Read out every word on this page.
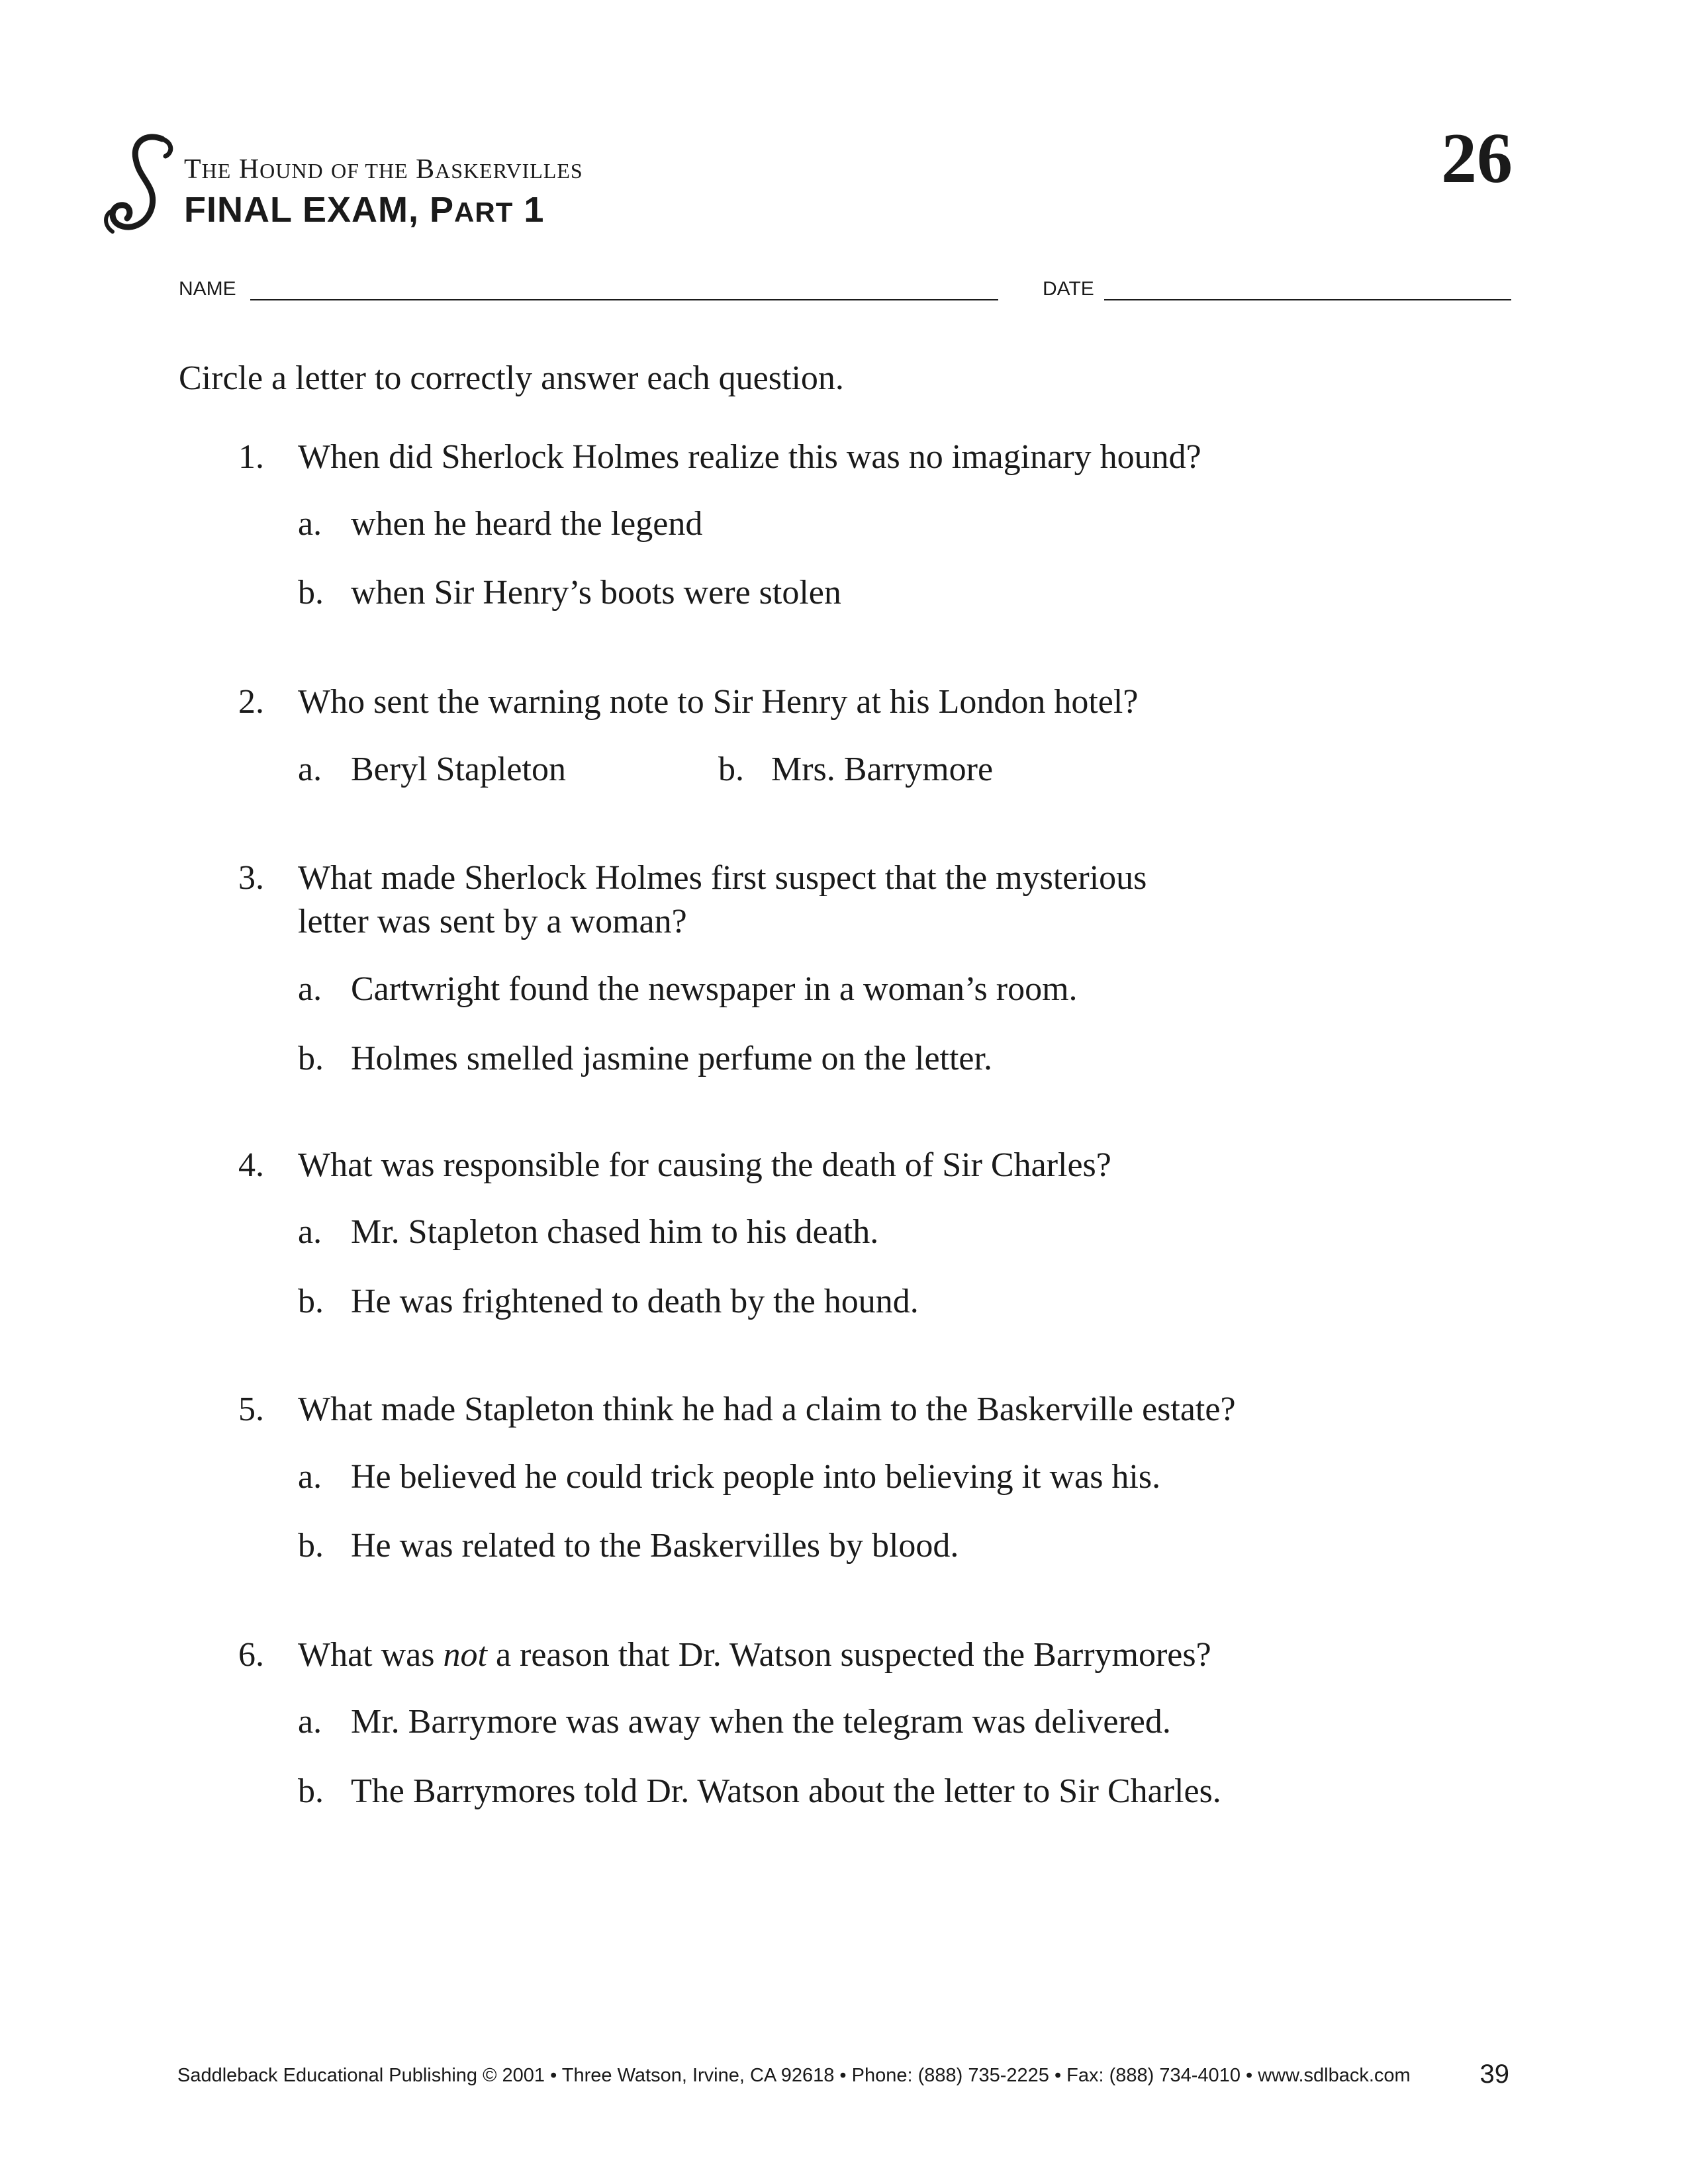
THE HOUND OF THE BASKERVILLES
FINAL EXAM, PART 1
26
NAME	DATE
Circle a letter to correctly answer each question.
1. When did Sherlock Holmes realize this was no imaginary hound?
a. when he heard the legend
b. when Sir Henry’s boots were stolen
2. Who sent the warning note to Sir Henry at his London hotel?
a. Beryl Stapleton	b. Mrs. Barrymore
3. What made Sherlock Holmes first suspect that the mysterious
letter was sent by a woman?
a. Cartwright found the newspaper in a woman’s room.
b. Holmes smelled jasmine perfume on the letter.
4. What was responsible for causing the death of Sir Charles?
a. Mr. Stapleton chased him to his death.
b. He was frightened to death by the hound.
5. What made Stapleton think he had a claim to the Baskerville estate?
a. He believed he could trick people into believing it was his.
b. He was related to the Baskervilles by blood.
6. What was not a reason that Dr. Watson suspected the Barrymores?
a. Mr. Barrymore was away when the telegram was delivered.
b. The Barrymores told Dr. Watson about the letter to Sir Charles.
Saddleback Educational Publishing © 2001 • Three Watson, Irvine, CA 92618 • Phone: (888) 735-2225 • Fax: (888) 734-4010 • www.sdlback.com	39
